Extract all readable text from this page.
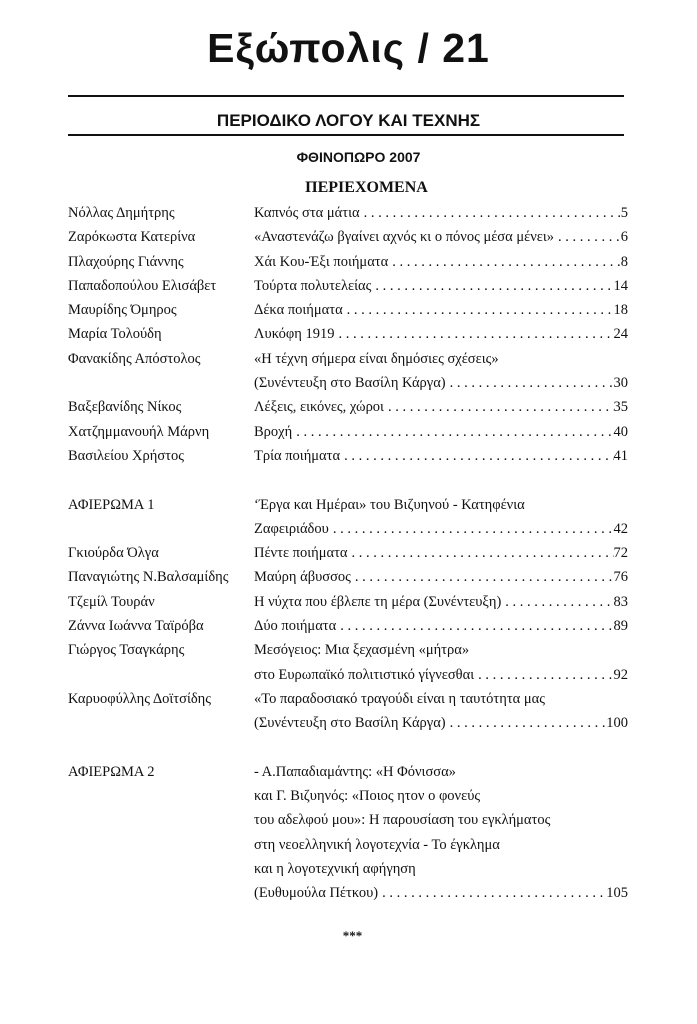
Εξώπολις / 21
ΠΕΡΙΟΔΙΚΟ ΛΟΓΟΥ ΚΑΙ ΤΕΧΝΗΣ
ΦΘΙΝΟΠΩΡΟ 2007
ΠΕΡΙΕΧΟΜΕΝΑ
Νόλλας Δημήτρης	Καπνός στα μάτια . . .	5
Ζαρόκωστα Κατερίνα	«Αναστενάζω βγαίνει αχνός κι ο πόνος μέσα μένει» . . .	6
Πλαχούρης Γιάννης	Χάι Κου-Έξι ποιήματα . . .	8
Παπαδοπούλου Ελισάβετ	Τούρτα πολυτελείας . . .	14
Μαυρίδης Όμηρος	Δέκα ποιήματα . . .	18
Μαρία Τολούδη	Λυκόφη 1919 . . .	24
Φανακίδης Απόστολος	«Η τέχνη σήμερα είναι δημόσιες σχέσεις»
(Συνέντευξη στο Βασίλη Κάργα) . . .	30
Βαξεβανίδης Νίκος	Λέξεις, εικόνες, χώροι . . .	35
Χατζημμανουήλ Μάρνη	Βροχή . . .	40
Βασιλείου Χρήστος	Τρία ποιήματα . . .	41
ΑΦΙΕΡΩΜΑ 1	‘Έργα και Ημέραι» του Βιζυηνού - Κατηφένια
Ζαφειριάδου . . .	42
Γκιούρδα Όλγα	Πέντε ποιήματα . . .	72
Παναγιώτης Ν.Βαλσαμίδης	Μαύρη άβυσσος . . .	76
Τζεμίλ Τουράν	Η νύχτα που έβλεπε τη μέρα (Συνέντευξη) . . .	83
Ζάννα Ιωάννα Ταϊρόβα	Δύο ποιήματα . . .	89
Γιώργος Τσαγκάρης	Μεσόγειος: Μια ξεχασμένη «μήτρα»
στο Ευρωπαϊκό πολιτιστικό γίγνεσθαι . . .	92
Καρυοφύλλης Δοϊτσίδης	«Το παραδοσιακό τραγούδι είναι η ταυτότητα μας
(Συνέντευξη στο Βασίλη Κάργα) . . .	100
ΑΦΙΕΡΩΜΑ 2	- Α.Παπαδιαμάντης: «Η Φόνισσα»
και Γ. Βιζυηνός: «Ποιος ητον ο φονεύς
του αδελφού μου»: Η παρουσίαση του εγκλήματος
στη νεοελληνική λογοτεχνία - Το έγκλημα
και η λογοτεχνική αφήγηση
(Ευθυμούλα Πέτκου) . . .	105
***
